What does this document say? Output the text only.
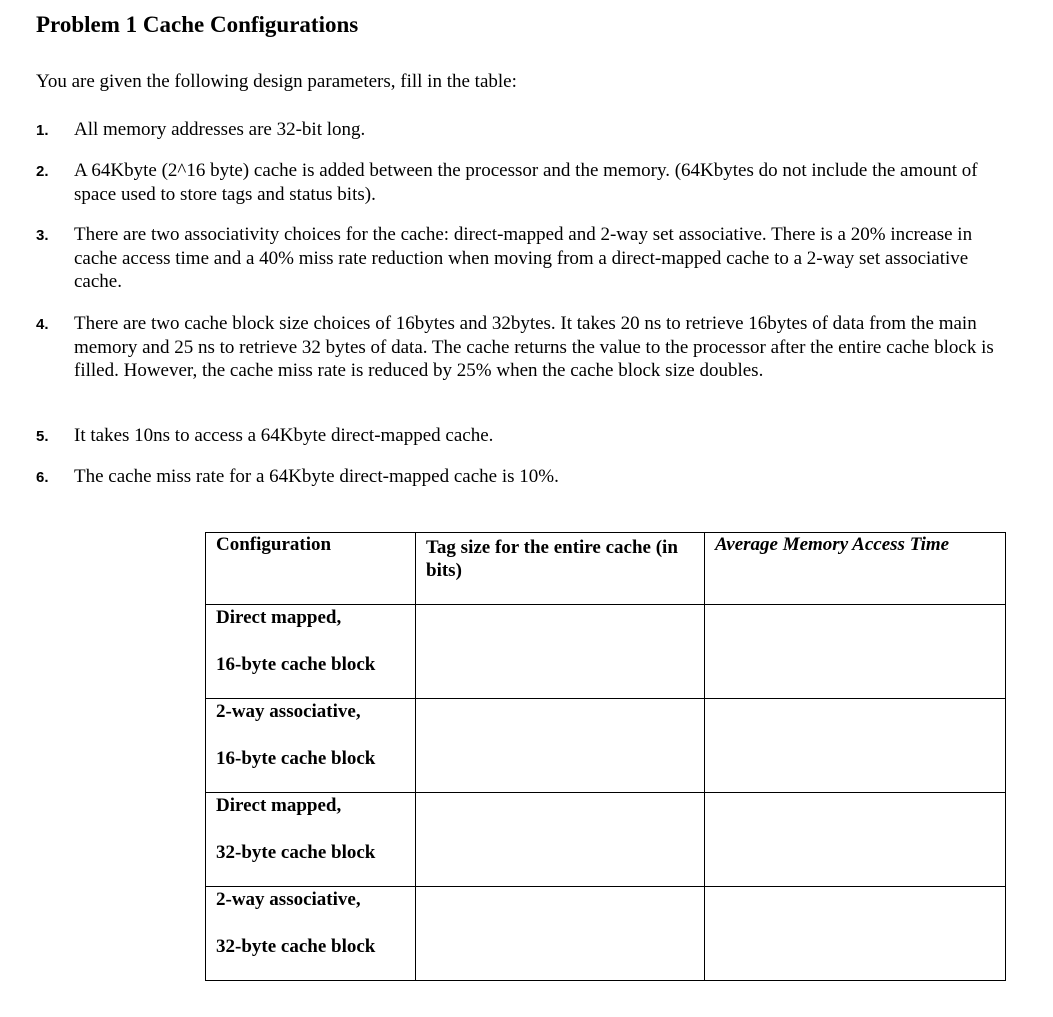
Problem 1 Cache Configurations

You are given the following design parameters, fill in the table:

1. All memory addresses are 32-bit long.
2. A 64Kbyte (2^16 byte) cache is added between the processor and the memory. (64Kbytes do not include the amount of space used to store tags and status bits).
3. There are two associativity choices for the cache: direct-mapped and 2-way set associative. There is a 20% increase in cache access time and a 40% miss rate reduction when moving from a direct-mapped cache to a 2-way set associative cache.
4. There are two cache block size choices of 16bytes and 32bytes. It takes 20 ns to retrieve 16bytes of data from the main memory and 25 ns to retrieve 32 bytes of data. The cache returns the value to the processor after the entire cache block is filled. However, the cache miss rate is reduced by 25% when the cache block size doubles.
5. It takes 10ns to access a 64Kbyte direct-mapped cache.
6. The cache miss rate for a 64Kbyte direct-mapped cache is 10%.
Configuration	Tag size for the entire cache (in bits)	Average Memory Access Time

Direct mapped,
16-byte cache block		

2-way associative,
16-byte cache block		

Direct mapped,
32-byte cache block		

2-way associative,
32-byte cache block		
